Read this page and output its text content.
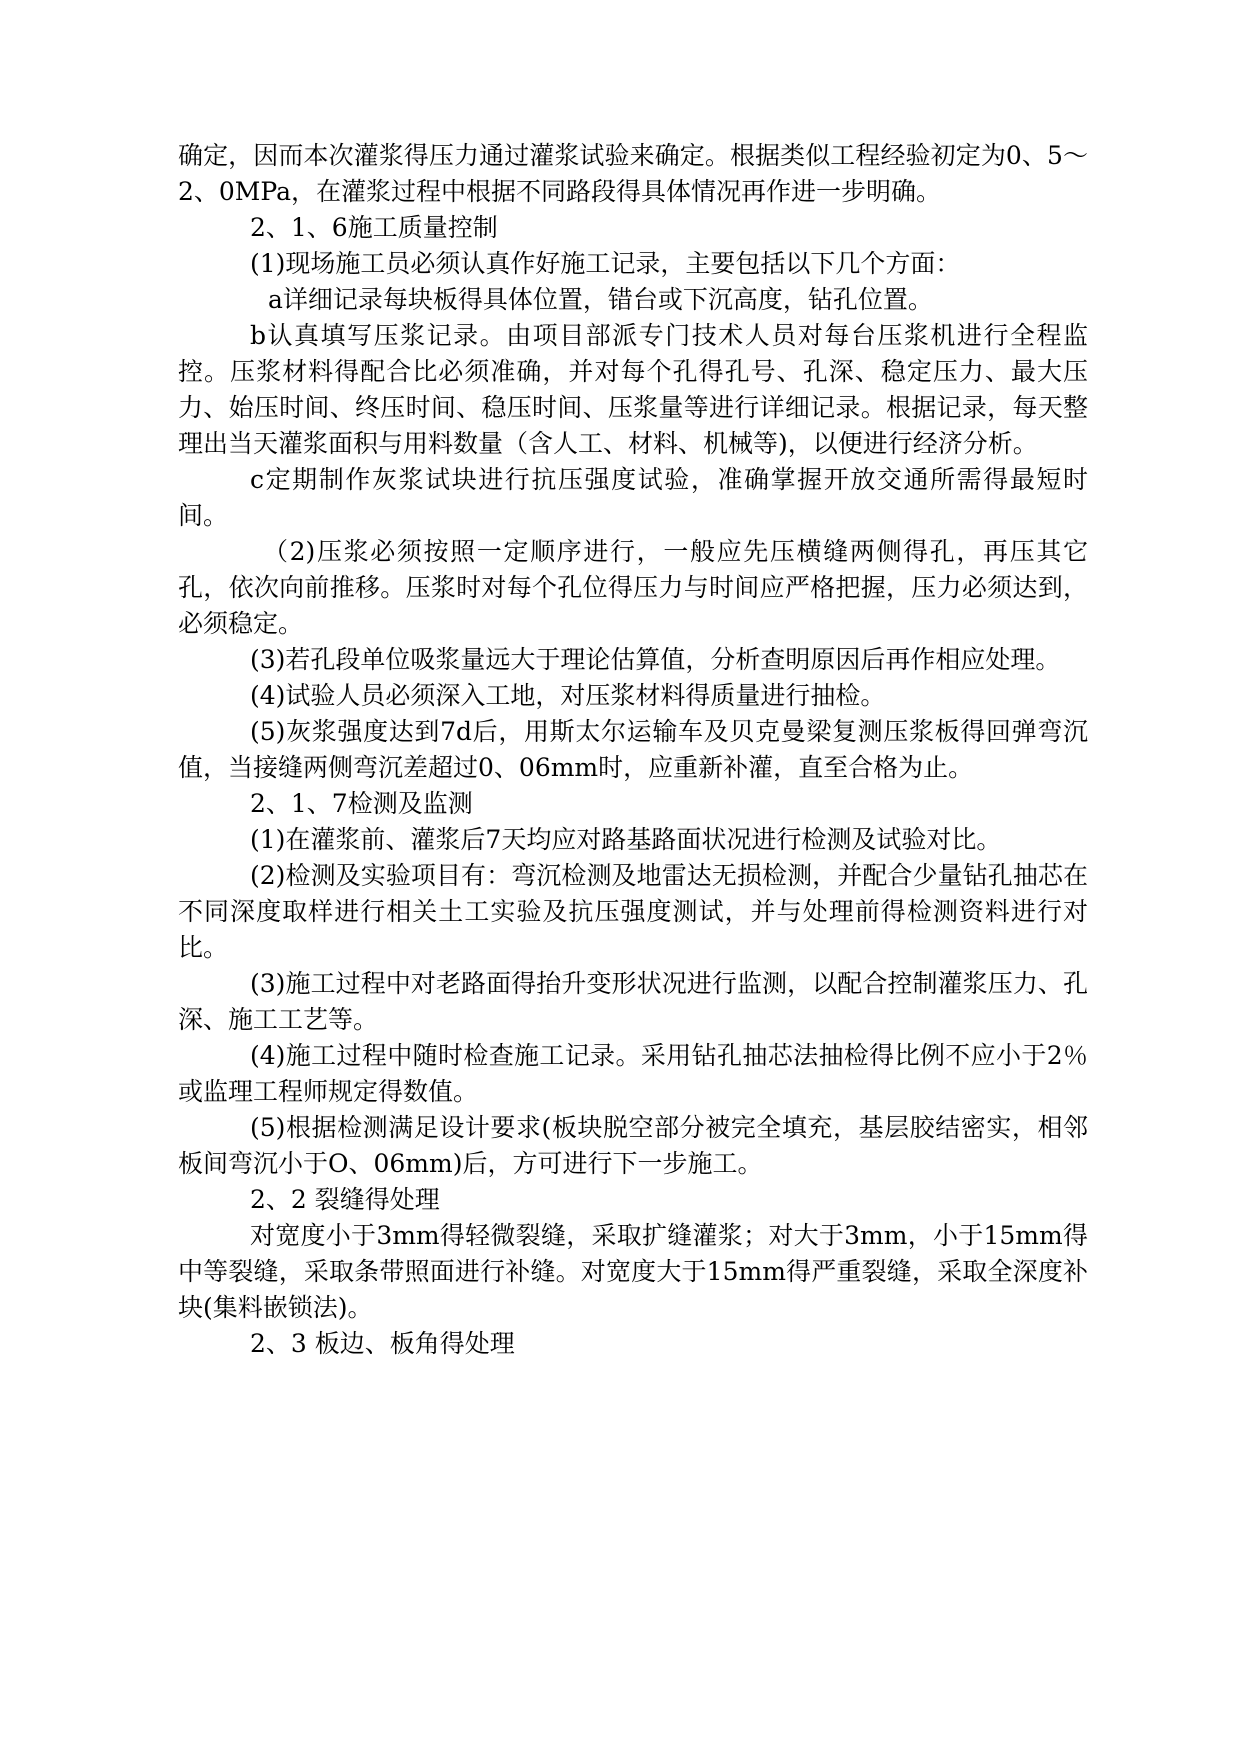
确定，因而本次灌浆得压力通过灌浆试验来确定。根据类似工程经验初定为0、5～2、0MPa，在灌浆过程中根据不同路段得具体情况再作进一步明确。

2、1、6施工质量控制

(1)现场施工员必须认真作好施工记录，主要包括以下几个方面：

a详细记录每块板得具体位置，错台或下沉高度，钻孔位置。

b认真填写压浆记录。由项目部派专门技术人员对每台压浆机进行全程监控。压浆材料得配合比必须准确，并对每个孔得孔号、孔深、稳定压力、最大压力、始压时间、终压时间、稳压时间、压浆量等进行详细记录。根据记录，每天整理出当天灌浆面积与用料数量（含人工、材料、机械等)，以便进行经济分析。

c定期制作灰浆试块进行抗压强度试验，准确掌握开放交通所需得最短时间。

（2)压浆必须按照一定顺序进行，一般应先压横缝两侧得孔，再压其它孔，依次向前推移。压浆时对每个孔位得压力与时间应严格把握，压力必须达到，必须稳定。

(3)若孔段单位吸浆量远大于理论估算值，分析查明原因后再作相应处理。

(4)试验人员必须深入工地，对压浆材料得质量进行抽检。

(5)灰浆强度达到7d后，用斯太尔运输车及贝克曼梁复测压浆板得回弹弯沉值，当接缝两侧弯沉差超过0、06mm时，应重新补灌，直至合格为止。

2、1、7检测及监测

(1)在灌浆前、灌浆后7天均应对路基路面状况进行检测及试验对比。

(2)检测及实验项目有：弯沉检测及地雷达无损检测，并配合少量钻孔抽芯在不同深度取样进行相关土工实验及抗压强度测试，并与处理前得检测资料进行对比。

(3)施工过程中对老路面得抬升变形状况进行监测，以配合控制灌浆压力、孔深、施工工艺等。

(4)施工过程中随时检查施工记录。采用钻孔抽芯法抽检得比例不应小于2％或监理工程师规定得数值。

(5)根据检测满足设计要求(板块脱空部分被完全填充，基层胶结密实，相邻板间弯沉小于O、06mm)后，方可进行下一步施工。

2、2 裂缝得处理

对宽度小于3mm得轻微裂缝，采取扩缝灌浆；对大于3mm，小于15mm得中等裂缝，采取条带照面进行补缝。对宽度大于15mm得严重裂缝，采取全深度补块(集料嵌锁法)。

2、3 板边、板角得处理
